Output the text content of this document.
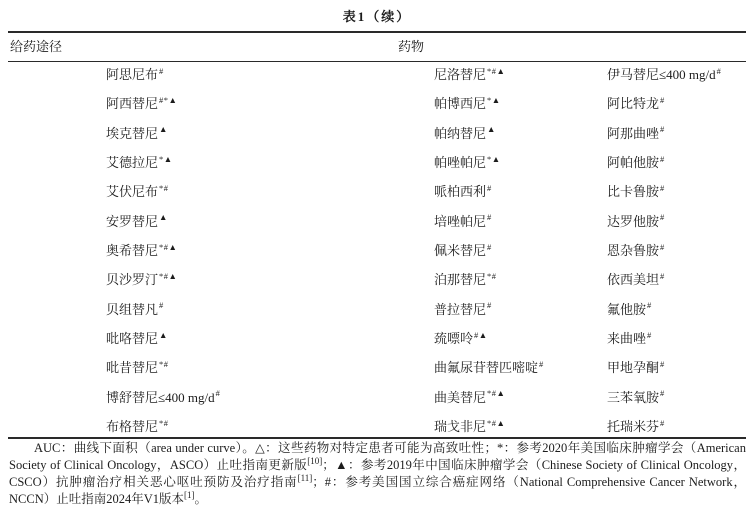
表1（续）
给药途径	药物
阿思尼布#
阿西替尼#*▲
埃克替尼▲
艾德拉尼*▲
艾伏尼布*#
安罗替尼▲
奥希替尼*#▲
贝沙罗汀*#▲
贝组替凡#
吡咯替尼▲
吡昔替尼*#
博舒替尼≤400 mg/d#
布格替尼*#
尼洛替尼*#▲
帕博西尼*▲
帕纳替尼▲
帕唑帕尼*▲
哌柏西利#
培唑帕尼#
佩米替尼#
泊那替尼*#
普拉替尼#
巯嘌呤#▲
曲氟尿苷替匹嘧啶#
曲美替尼*#▲
瑞戈非尼*#▲
伊马替尼≤400 mg/d#
阿比特龙#
阿那曲唑#
阿帕他胺#
比卡鲁胺#
达罗他胺#
恩杂鲁胺#
依西美坦#
氟他胺#
来曲唑#
甲地孕酮#
三苯氧胺#
托瑞米芬#

AUC：曲线下面积（area under curve）。△：这些药物对特定患者可能为高致吐性；*：参考2020年美国临床肿瘤学会（American Society of Clinical Oncology，ASCO）止吐指南更新版[10]；▲：参考2019年中国临床肿瘤学会（Chinese Society of Clinical Oncology，CSCO）抗肿瘤治疗相关恶心呕吐预防及治疗指南[11]；#：参考美国国立综合癌症网络（National Comprehensive Cancer Network，NCCN）止吐指南2024年V1版本[1]。
